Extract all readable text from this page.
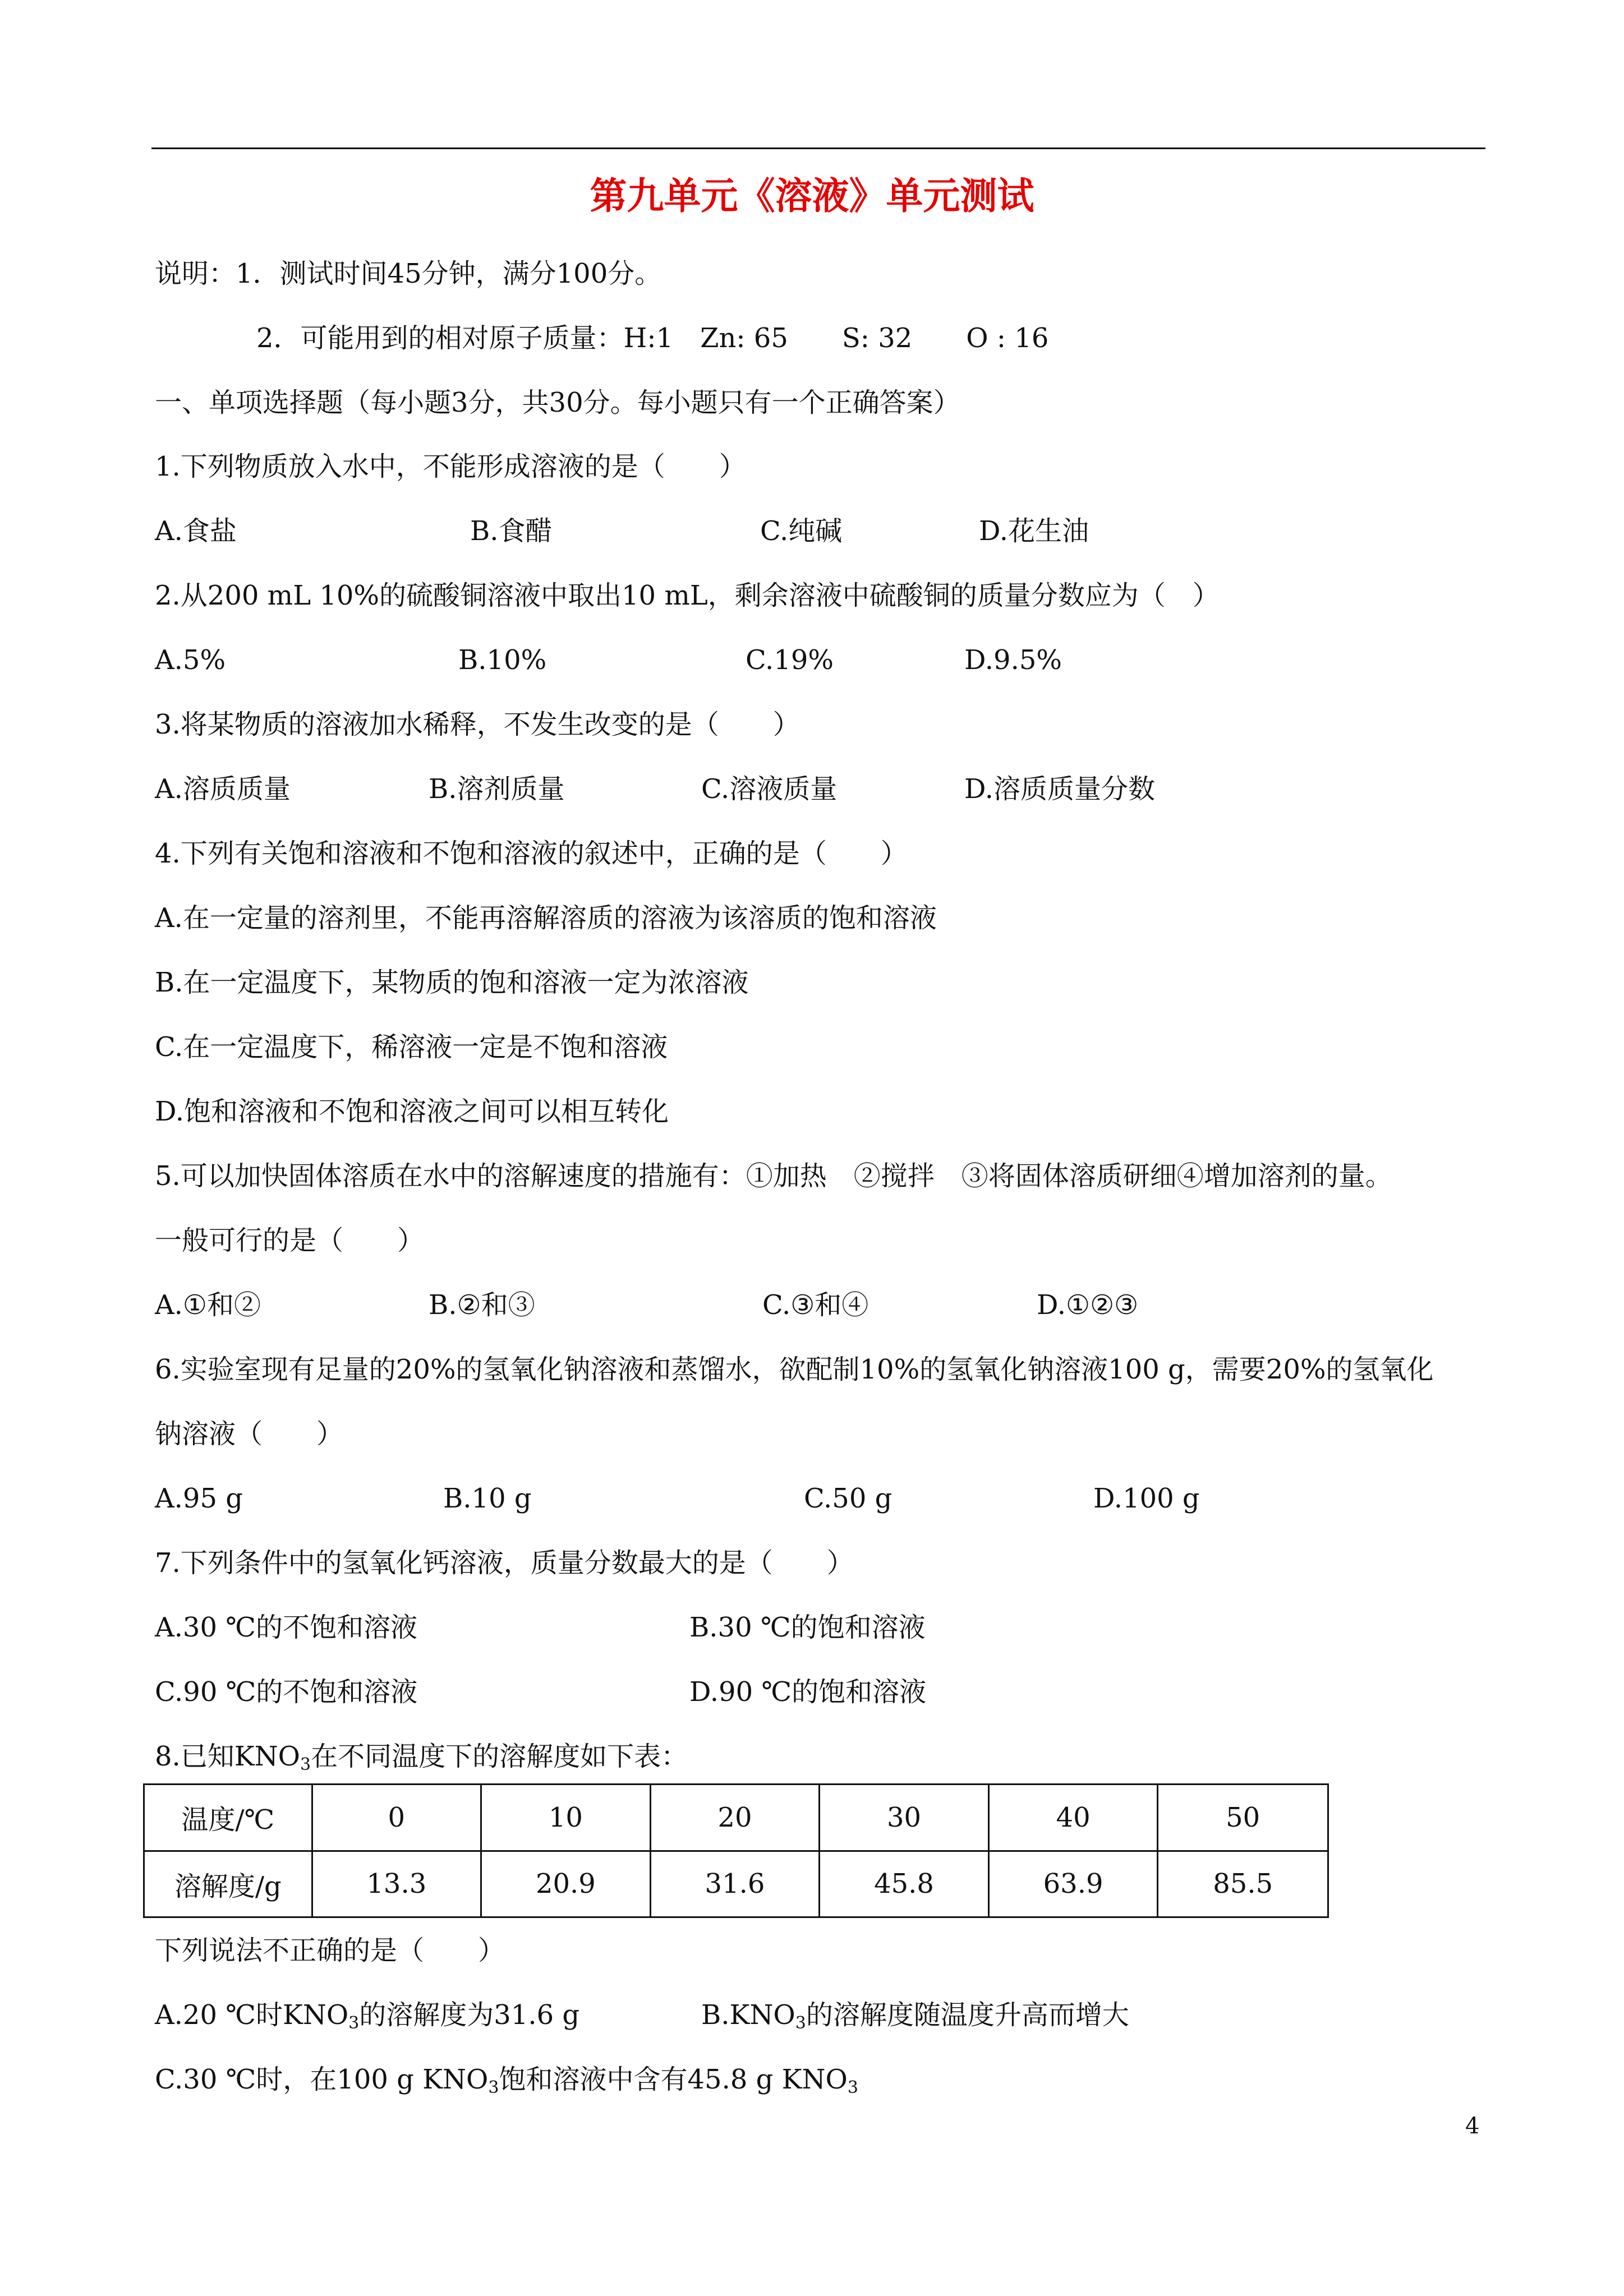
第九单元《溶液》单元测试
说明：1．测试时间45分钟，满分100分。
2．可能用到的相对原子质量：H:1　Zn: 65　　S: 32　　O : 16
一、单项选择题（每小题3分，共30分。每小题只有一个正确答案）
1.下列物质放入水中，不能形成溶液的是（　　）
A.食盐	B.食醋	C.纯碱	D.花生油
2.从200 mL 10%的硫酸铜溶液中取出10 mL，剩余溶液中硫酸铜的质量分数应为（　）
A.5%	B.10%	C.19%	D.9.5%
3.将某物质的溶液加水稀释，不发生改变的是（　　）
A.溶质质量	B.溶剂质量	C.溶液质量	D.溶质质量分数
4.下列有关饱和溶液和不饱和溶液的叙述中，正确的是（　　）
A.在一定量的溶剂里，不能再溶解溶质的溶液为该溶质的饱和溶液
B.在一定温度下，某物质的饱和溶液一定为浓溶液
C.在一定温度下，稀溶液一定是不饱和溶液
D.饱和溶液和不饱和溶液之间可以相互转化
5.可以加快固体溶质在水中的溶解速度的措施有：①加热　②搅拌　③将固体溶质研细④增加溶剂的量。
一般可行的是（　　）
A.①和②	B.②和③	C.③和④	D.①②③
6.实验室现有足量的20%的氢氧化钠溶液和蒸馏水，欲配制10%的氢氧化钠溶液100 g，需要20%的氢氧化
钠溶液（　　）
A.95 g	B.10 g	C.50 g	D.100 g
7.下列条件中的氢氧化钙溶液，质量分数最大的是（　　）
A.30 ℃的不饱和溶液	B.30 ℃的饱和溶液
C.90 ℃的不饱和溶液	D.90 ℃的饱和溶液
8.已知$KNO_3$在不同温度下的溶解度如下表：
温度/℃	0	10	20	30	40	50
溶解度/g	13.3	20.9	31.6	45.8	63.9	85.5
下列说法不正确的是（　　）
A.20 ℃时$KNO_3$的溶解度为31.6 g	$B.KNO_3$的溶解度随温度升高而增大
C.30 ℃时，在100 g $KNO_3$饱和溶液中含有45.8 g $KNO_3$
4
